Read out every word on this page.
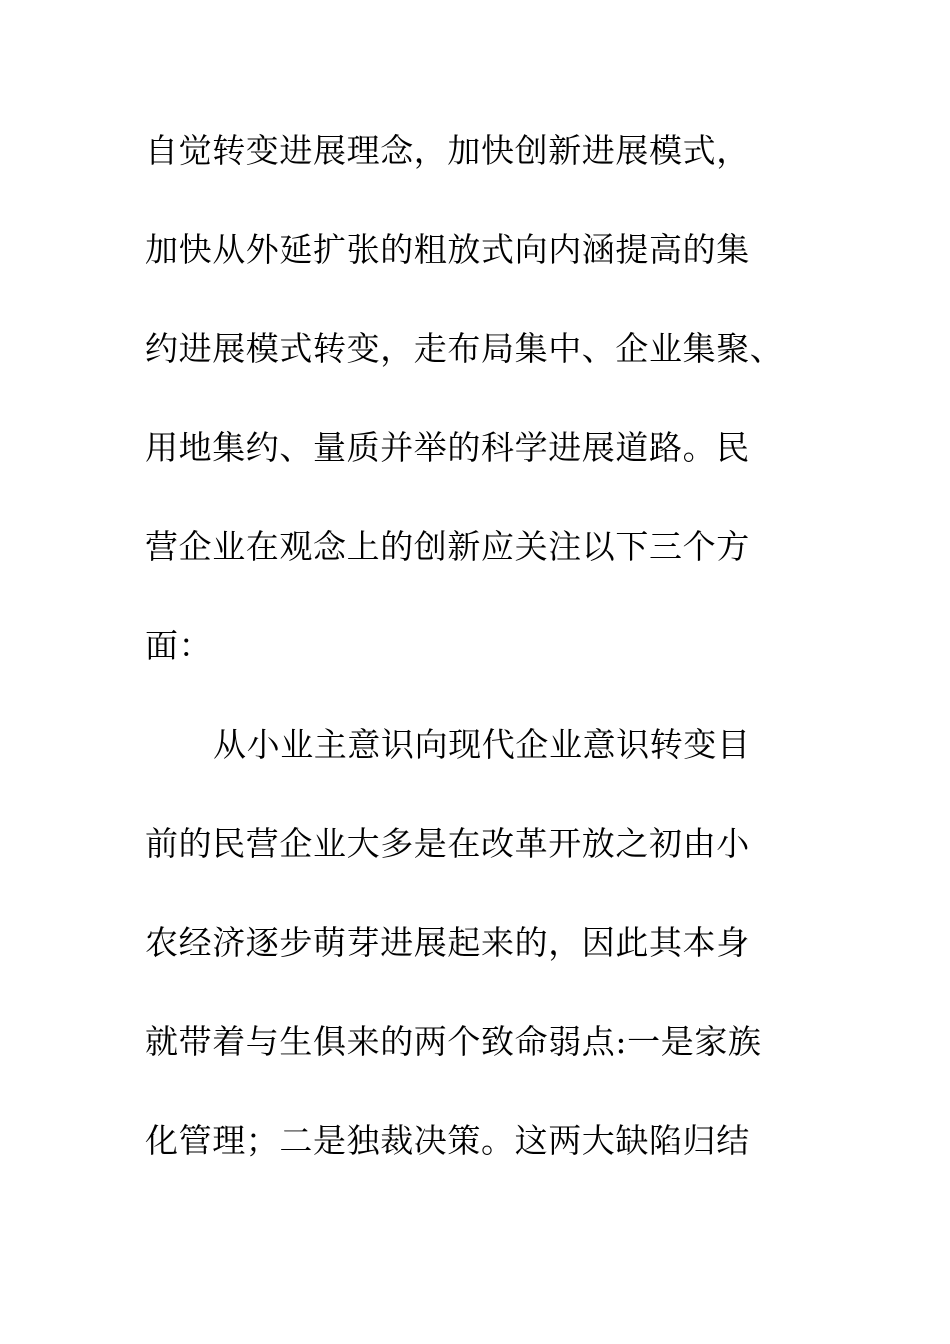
自觉转变进展理念，加快创新进展模式，
加快从外延扩张的粗放式向内涵提高的集
约进展模式转变，走布局集中、企业集聚、
用地集约、量质并举的科学进展道路。民
营企业在观念上的创新应关注以下三个方
面：
从小业主意识向现代企业意识转变目
前的民营企业大多是在改革开放之初由小
农经济逐步萌芽进展起来的，因此其本身
就带着与生俱来的两个致命弱点:一是家族
化管理；二是独裁决策。这两大缺陷归结
